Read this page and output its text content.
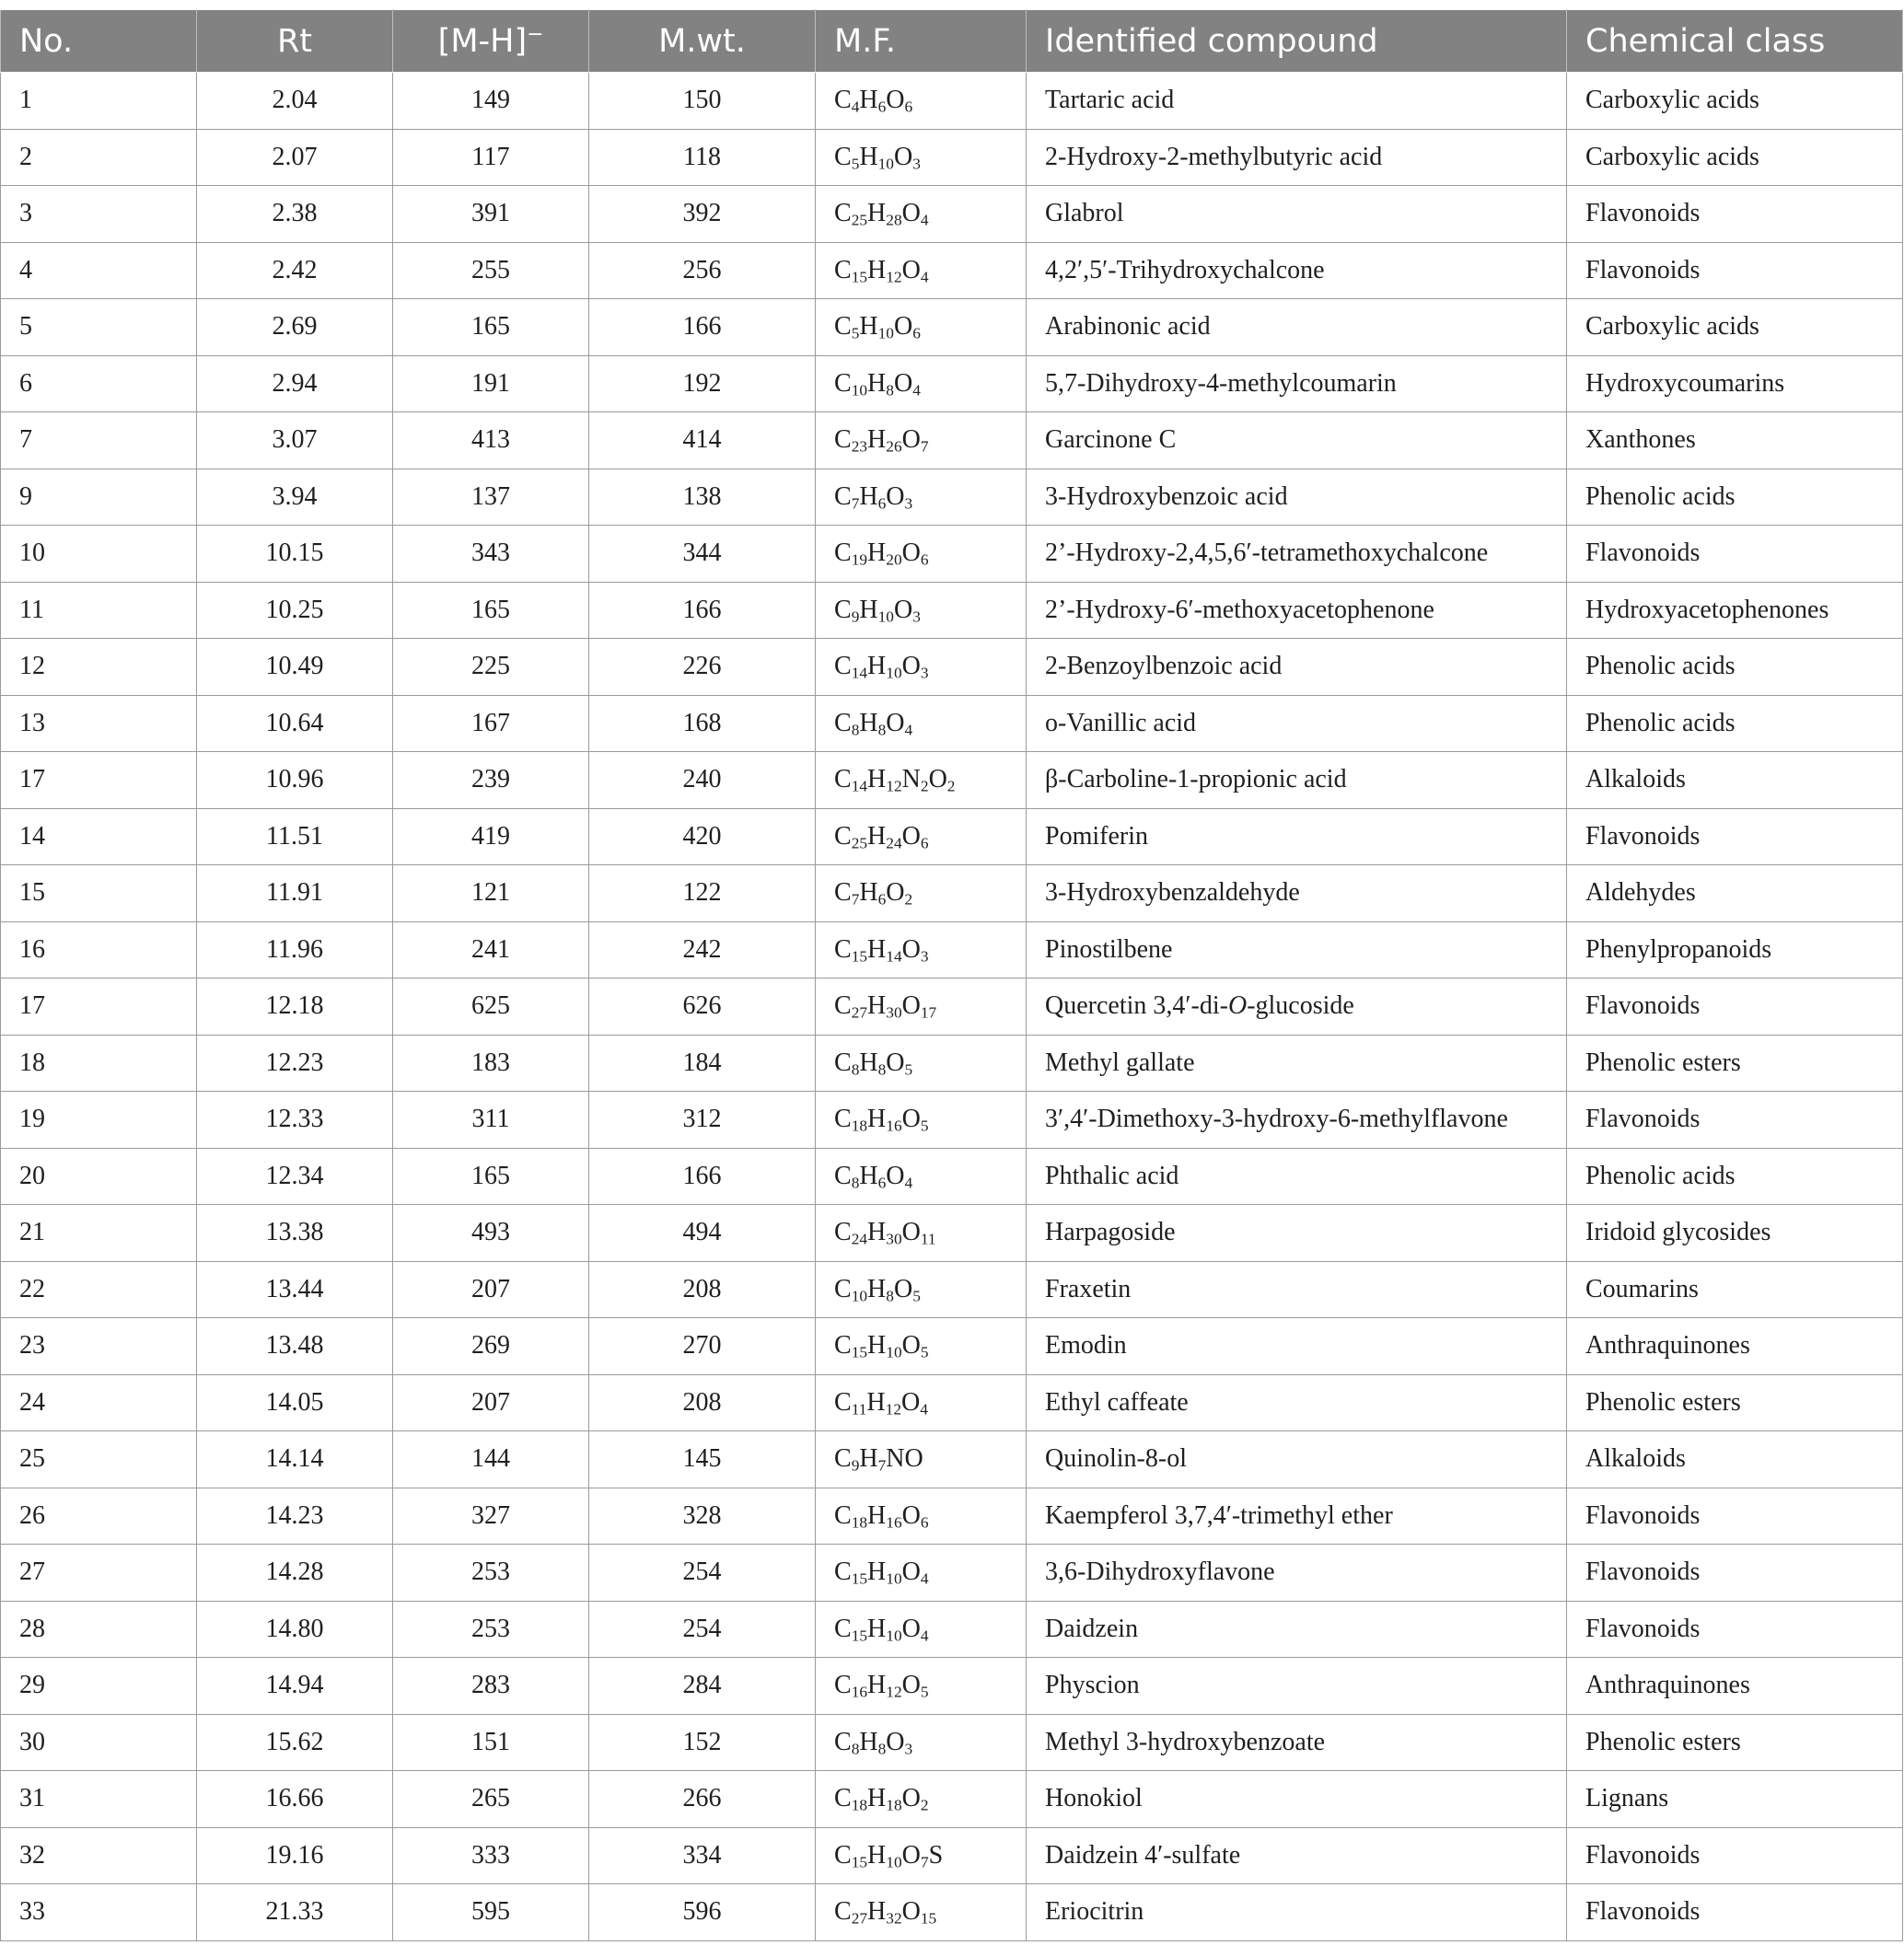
No.	Rt	[M-H]−	M.wt.	M.F.	Identified compound	Chemical class
1	2.04	149	150	$C_4H_6O_6$	Tartaric acid	Carboxylic acids
2	2.07	117	118	$C_5H_{10}O_3$	2-Hydroxy-2-methylbutyric acid	Carboxylic acids
3	2.38	391	392	$C_{25}H_{28}O_4$	Glabrol	Flavonoids
4	2.42	255	256	$C_{15}H_{12}O_4$	4,2′,5′-Trihydroxychalcone	Flavonoids
5	2.69	165	166	$C_5H_{10}O_6$	Arabinonic acid	Carboxylic acids
6	2.94	191	192	$C_{10}H_8O_4$	5,7-Dihydroxy-4-methylcoumarin	Hydroxycoumarins
7	3.07	413	414	$C_{23}H_{26}O_7$	Garcinone C	Xanthones
9	3.94	137	138	$C_7H_6O_3$	3-Hydroxybenzoic acid	Phenolic acids
10	10.15	343	344	$C_{19}H_{20}O_6$	2’-Hydroxy-2,4,5,6′-tetramethoxychalcone	Flavonoids
11	10.25	165	166	$C_9H_{10}O_3$	2’-Hydroxy-6′-methoxyacetophenone	Hydroxyacetophenones
12	10.49	225	226	$C_{14}H_{10}O_3$	2-Benzoylbenzoic acid	Phenolic acids
13	10.64	167	168	$C_8H_8O_4$	o-Vanillic acid	Phenolic acids
17	10.96	239	240	$C_{14}H_{12}N_2O_2$	β-Carboline-1-propionic acid	Alkaloids
14	11.51	419	420	$C_{25}H_{24}O_6$	Pomiferin	Flavonoids
15	11.91	121	122	$C_7H_6O_2$	3-Hydroxybenzaldehyde	Aldehydes
16	11.96	241	242	$C_{15}H_{14}O_3$	Pinostilbene	Phenylpropanoids
17	12.18	625	626	$C_{27}H_{30}O_{17}$	Quercetin 3,4′-di-O-glucoside	Flavonoids
18	12.23	183	184	$C_8H_8O_5$	Methyl gallate	Phenolic esters
19	12.33	311	312	$C_{18}H_{16}O_5$	3′,4′-Dimethoxy-3-hydroxy-6-methylflavone	Flavonoids
20	12.34	165	166	$C_8H_6O_4$	Phthalic acid	Phenolic acids
21	13.38	493	494	$C_{24}H_{30}O_{11}$	Harpagoside	Iridoid glycosides
22	13.44	207	208	$C_{10}H_8O_5$	Fraxetin	Coumarins
23	13.48	269	270	$C_{15}H_{10}O_5$	Emodin	Anthraquinones
24	14.05	207	208	$C_{11}H_{12}O_4$	Ethyl caffeate	Phenolic esters
25	14.14	144	145	$C_9H_7NO$	Quinolin-8-ol	Alkaloids
26	14.23	327	328	$C_{18}H_{16}O_6$	Kaempferol 3,7,4′-trimethyl ether	Flavonoids
27	14.28	253	254	$C_{15}H_{10}O_4$	3,6-Dihydroxyflavone	Flavonoids
28	14.80	253	254	$C_{15}H_{10}O_4$	Daidzein	Flavonoids
29	14.94	283	284	$C_{16}H_{12}O_5$	Physcion	Anthraquinones
30	15.62	151	152	$C_8H_8O_3$	Methyl 3-hydroxybenzoate	Phenolic esters
31	16.66	265	266	$C_{18}H_{18}O_2$	Honokiol	Lignans
32	19.16	333	334	$C_{15}H_{10}O_7S$	Daidzein 4′-sulfate	Flavonoids
33	21.33	595	596	$C_{27}H_{32}O_{15}$	Eriocitrin	Flavonoids
